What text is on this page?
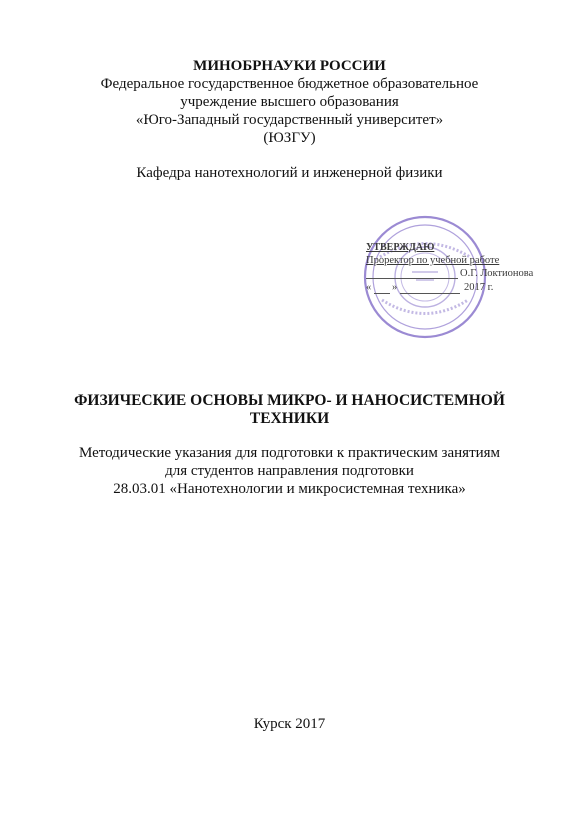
МИНОБРНАУКИ РОССИИ
Федеральное государственное бюджетное образовательное
учреждение высшего образования
«Юго-Западный государственный университет»
(ЮЗГУ)
Кафедра нанотехнологий и инженерной физики
УТВЕРЖДАЮ
Проректор по учебной работе
О.Г. Локтионова
« »	2017 г.
ФИЗИЧЕСКИЕ ОСНОВЫ МИКРО- И НАНОСИСТЕМНОЙ
ТЕХНИКИ
Методические указания для подготовки к практическим занятиям
для студентов направления подготовки
28.03.01 «Нанотехнологии и микросистемная техника»
Курск 2017
